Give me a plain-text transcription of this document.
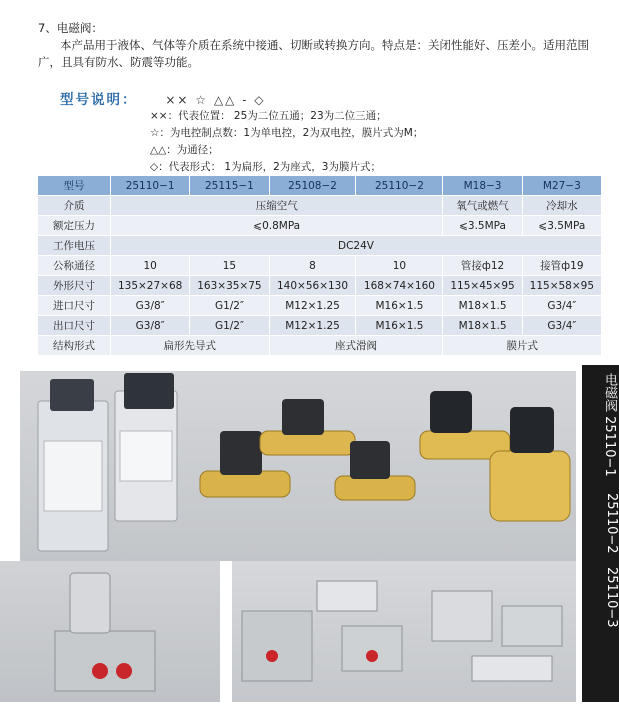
7、电磁阀：
本产品用于液体、气体等介质在系统中接通、切断或转换方向。特点是：关闭性能好、压差小。适用范围广，且具有防水、防震等功能。
型号说明： ×× ☆ △△ - ◇
××：代表位置： 25为二位五通；23为二位三通；
☆：为电控制点数：1为单电控，2为双电控，膜片式为M；
△△：为通径；
◇：代表形式： 1为扁形，2为座式，3为膜片式；
型号	25110−1	25115−1	25108−2	25110−2	M18−3	M27−3
介质	压缩空气				氧气或燃气	冷却水
额定压力	⩽0.8MPa				⩽3.5MPa	⩽3.5MPa
工作电压	DC24V					
公称通径	10	15	8	10	管接ф12	接管ф19
外形尺寸	135×27×68	163×35×75	140×56×130	168×74×160	115×45×95	115×58×95
进口尺寸	G3/8″	G1/2″	M12×1.25	M16×1.5	M18×1.5	G3/4″
出口尺寸	G3/8″	G1/2″	M12×1.25	M16×1.5	M18×1.5	G3/4″
结构形式	扁形先导式		座式滑阀		膜片式	
电磁阀 25110−1
25110−2
25110−3
